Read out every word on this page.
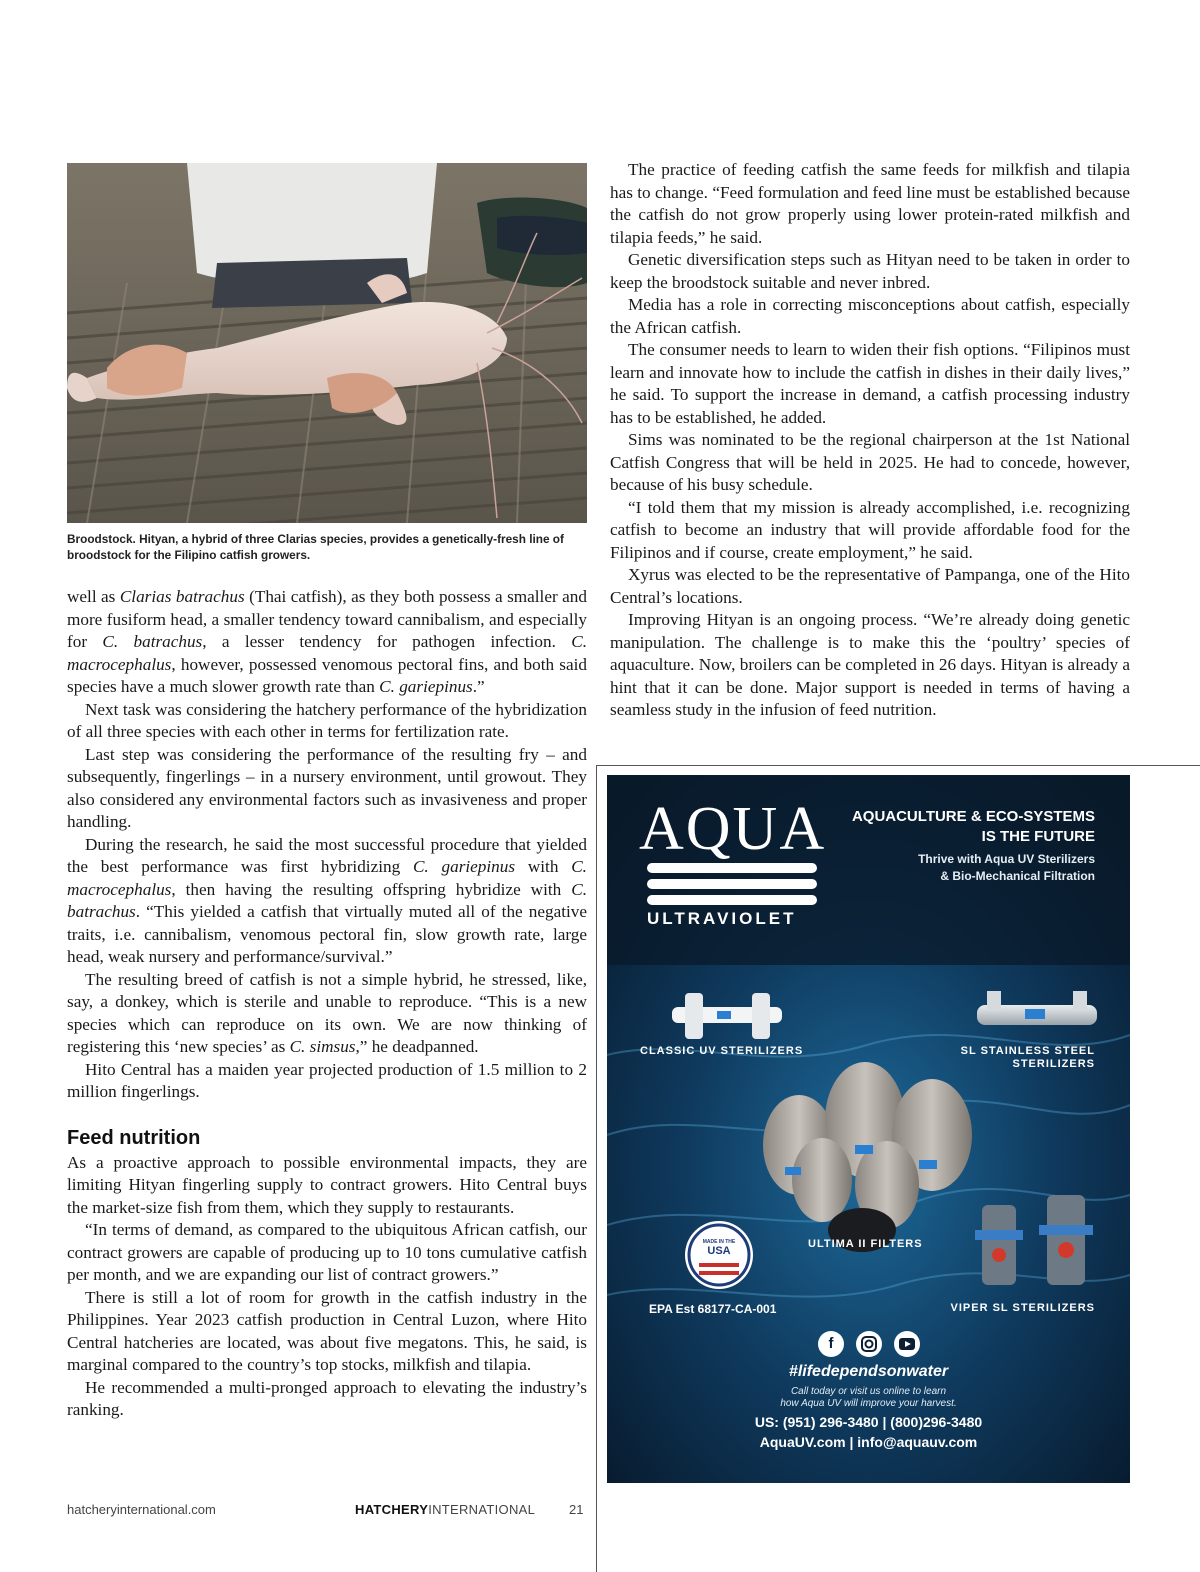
Broodstock. Hityan, a hybrid of three Clarias species, provides a genetically-fresh line of broodstock for the Filipino catfish growers.

well as Clarias batrachus (Thai catfish), as they both possess a smaller and more fusiform head, a smaller tendency toward cannibalism, and especially for C. batrachus, a lesser tendency for pathogen infection. C. macrocephalus, however, possessed venomous pectoral fins, and both said species have a much slower growth rate than C. gariepinus.”

Next task was considering the hatchery performance of the hybridization of all three species with each other in terms for fertilization rate.

Last step was considering the performance of the resulting fry – and subsequently, fingerlings – in a nursery environment, until growout. They also considered any environmental factors such as invasiveness and proper handling.

During the research, he said the most successful procedure that yielded the best performance was first hybridizing C. gariepinus with C. macrocephalus, then having the resulting offspring hybridize with C. batrachus. “This yielded a catfish that virtually muted all of the negative traits, i.e. cannibalism, venomous pectoral fin, slow growth rate, large head, weak nursery and performance/survival.”

The resulting breed of catfish is not a simple hybrid, he stressed, like, say, a donkey, which is sterile and unable to reproduce. “This is a new species which can reproduce on its own. We are now thinking of registering this ‘new species’ as C. simsus,” he deadpanned.

Hito Central has a maiden year projected production of 1.5 million to 2 million fingerlings.

Feed nutrition

As a proactive approach to possible environmental impacts, they are limiting Hityan fingerling supply to contract growers. Hito Central buys the market-size fish from them, which they supply to restaurants.

“In terms of demand, as compared to the ubiquitous African catfish, our contract growers are capable of producing up to 10 tons cumulative catfish per month, and we are expanding our list of contract growers.”

There is still a lot of room for growth in the catfish industry in the Philippines. Year 2023 catfish production in Central Luzon, where Hito Central hatcheries are located, was about five megatons. This, he said, is marginal compared to the country’s top stocks, milkfish and tilapia.

He recommended a multi-pronged approach to elevating the industry’s ranking.

The practice of feeding catfish the same feeds for milkfish and tilapia has to change. “Feed formulation and feed line must be established because the catfish do not grow properly using lower protein-rated milkfish and tilapia feeds,” he said.

Genetic diversification steps such as Hityan need to be taken in order to keep the broodstock suitable and never inbred.

Media has a role in correcting misconceptions about catfish, especially the African catfish.

The consumer needs to learn to widen their fish options. “Filipinos must learn and innovate how to include the catfish in dishes in their daily lives,” he said. To support the increase in demand, a catfish processing industry has to be established, he added.

Sims was nominated to be the regional chairperson at the 1st National Catfish Congress that will be held in 2025. He had to concede, however, because of his busy schedule.

“I told them that my mission is already accomplished, i.e. recognizing catfish to become an industry that will provide affordable food for the Filipinos and if course, create employment,” he said.

Xyrus was elected to be the representative of Pampanga, one of the Hito Central’s locations.

Improving Hityan is an ongoing process. “We’re already doing genetic manipulation. The challenge is to make this the ‘poultry’ species of aquaculture. Now, broilers can be completed in 26 days. Hityan is already a hint that it can be done. Major support is needed in terms of having a seamless study in the infusion of feed nutrition.

AQUA
ULTRAVIOLET
AQUACULTURE & ECO-SYSTEMS
IS THE FUTURE
Thrive with Aqua UV Sterilizers
& Bio-Mechanical Filtration
CLASSIC UV STERILIZERS	SL STAINLESS STEEL
STERILIZERS
ULTIMA II FILTERS
MADE IN THE
USA
EPA Est 68177-CA-001	VIPER SL STERILIZERS
f
#lifedependsonwater
Call today or visit us online to learn
how Aqua UV will improve your harvest.
US: (951) 296-3480 | (800)296-3480
AquaUV.com | info@aquauv.com
hatcheryinternational.com	HATCHERYINTERNATIONAL	21
